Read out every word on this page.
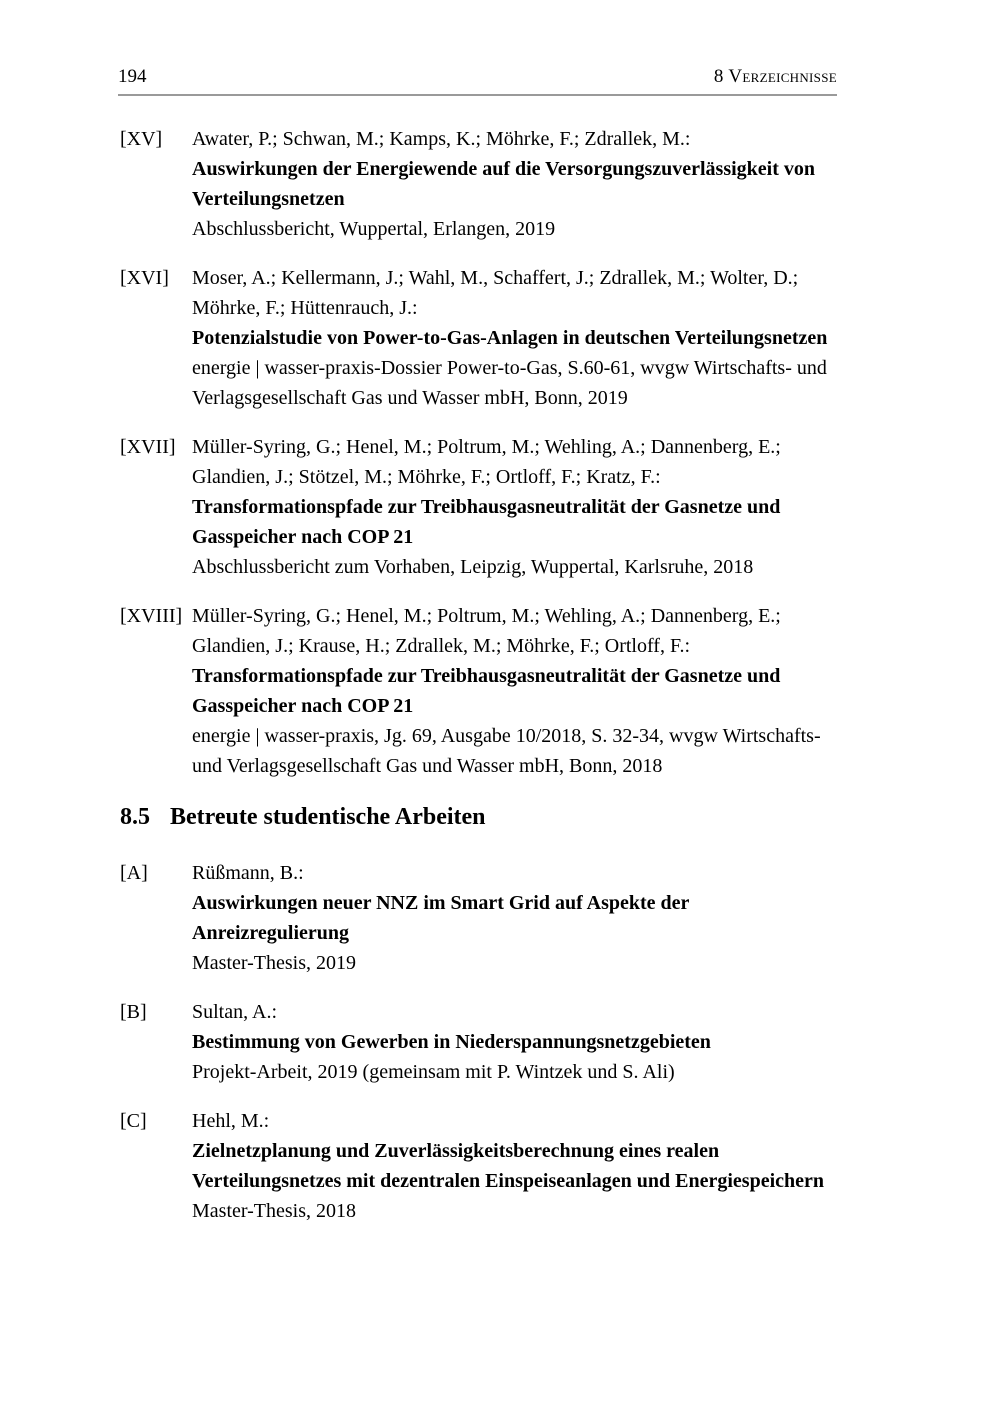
194	8 Verzeichnisse
[XV]	Awater, P.; Schwan, M.; Kamps, K.; Möhrke, F.; Zdrallek, M.:
Auswirkungen der Energiewende auf die Versorgungszuverlässigkeit von Verteilungsnetzen
Abschlussbericht, Wuppertal, Erlangen, 2019
[XVI]	Moser, A.; Kellermann, J.; Wahl, M., Schaffert, J.; Zdrallek, M.; Wolter, D.; Möhrke, F.; Hüttenrauch, J.:
Potenzialstudie von Power-to-Gas-Anlagen in deutschen Verteilungsnetzen
energie | wasser-praxis-Dossier Power-to-Gas, S.60-61, wvgw Wirtschafts- und Verlagsgesellschaft Gas und Wasser mbH, Bonn, 2019
[XVII] Müller-Syring, G.; Henel, M.; Poltrum, M.; Wehling, A.; Dannenberg, E.; Glandien, J.; Stötzel, M.; Möhrke, F.; Ortloff, F.; Kratz, F.:
Transformationspfade zur Treibhausgasneutralität der Gasnetze und Gasspeicher nach COP 21
Abschlussbericht zum Vorhaben, Leipzig, Wuppertal, Karlsruhe, 2018
[XVIII] Müller-Syring, G.; Henel, M.; Poltrum, M.; Wehling, A.; Dannenberg, E.; Glandien, J.; Krause, H.; Zdrallek, M.; Möhrke, F.; Ortloff, F.:
Transformationspfade zur Treibhausgasneutralität der Gasnetze und Gasspeicher nach COP 21
energie | wasser-praxis, Jg. 69, Ausgabe 10/2018, S. 32-34, wvgw Wirtschafts- und Verlagsgesellschaft Gas und Wasser mbH, Bonn, 2018
8.5 Betreute studentische Arbeiten
[A]	Rüßmann, B.:
Auswirkungen neuer NNZ im Smart Grid auf Aspekte der Anreizregulierung
Master-Thesis, 2019
[B]	Sultan, A.:
Bestimmung von Gewerben in Niederspannungsnetzgebieten
Projekt-Arbeit, 2019 (gemeinsam mit P. Wintzek und S. Ali)
[C]	Hehl, M.:
Zielnetzplanung und Zuverlässigkeitsberechnung eines realen Verteilungsnetzes mit dezentralen Einspeiseanlagen und Energiespeichern
Master-Thesis, 2018
